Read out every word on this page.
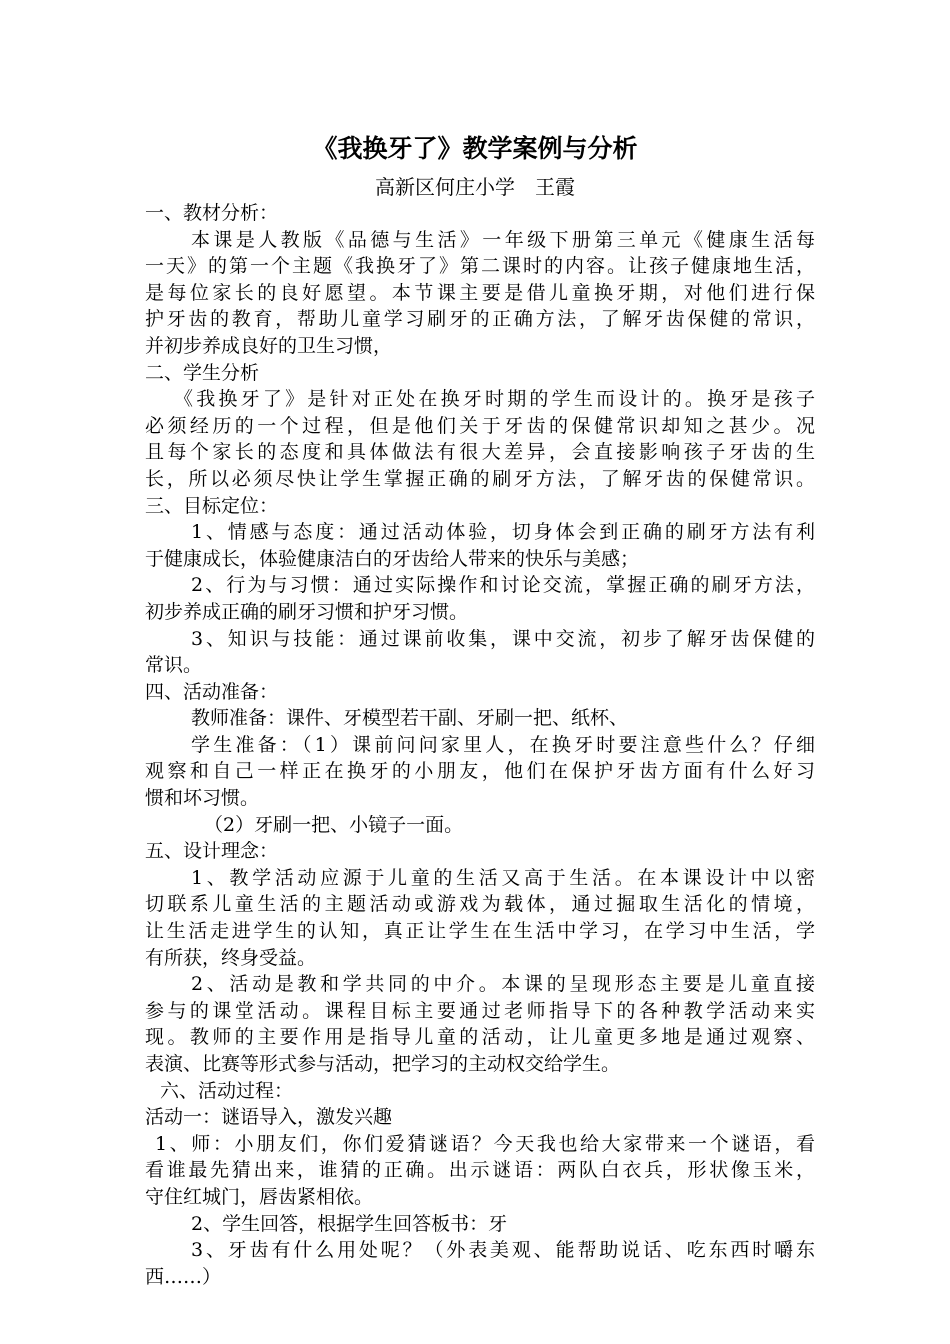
《我换牙了》教学案例与分析
高新区何庄小学　王霞
一、教材分析：
本课是人教版《品德与生活》一年级下册第三单元《健康生活每
一天》的第一个主题《我换牙了》第二课时的内容。让孩子健康地生活，
是每位家长的良好愿望。本节课主要是借儿童换牙期，对他们进行保
护牙齿的教育，帮助儿童学习刷牙的正确方法，了解牙齿保健的常识，
并初步养成良好的卫生习惯，
二、学生分析
《我换牙了》是针对正处在换牙时期的学生而设计的。换牙是孩子
必须经历的一个过程，但是他们关于牙齿的保健常识却知之甚少。况
且每个家长的态度和具体做法有很大差异，会直接影响孩子牙齿的生
长，所以必须尽快让学生掌握正确的刷牙方法，了解牙齿的保健常识。
三、目标定位：
1、情感与态度：通过活动体验，切身体会到正确的刷牙方法有利
于健康成长，体验健康洁白的牙齿给人带来的快乐与美感；
2、行为与习惯：通过实际操作和讨论交流，掌握正确的刷牙方法，
初步养成正确的刷牙习惯和护牙习惯。
3、知识与技能：通过课前收集，课中交流，初步了解牙齿保健的
常识。
四、活动准备：
教师准备：课件、牙模型若干副、牙刷一把、纸杯、
学生准备：（1）课前问问家里人，在换牙时要注意些什么？仔细
观察和自己一样正在换牙的小朋友，他们在保护牙齿方面有什么好习
惯和坏习惯。
（2）牙刷一把、小镜子一面。
五、设计理念：
1、教学活动应源于儿童的生活又高于生活。在本课设计中以密
切联系儿童生活的主题活动或游戏为载体，通过掘取生活化的情境，
让生活走进学生的认知，真正让学生在生活中学习，在学习中生活，学
有所获，终身受益。
2、活动是教和学共同的中介。本课的呈现形态主要是儿童直接
参与的课堂活动。课程目标主要通过老师指导下的各种教学活动来实
现。教师的主要作用是指导儿童的活动，让儿童更多地是通过观察、
表演、比赛等形式参与活动，把学习的主动权交给学生。
六、活动过程：
活动一：谜语导入，激发兴趣
1、师：小朋友们，你们爱猜谜语？今天我也给大家带来一个谜语，看
看谁最先猜出来，谁猜的正确。出示谜语：两队白衣兵，形状像玉米，
守住红城门，唇齿紧相依。
2、学生回答，根据学生回答板书：牙
3、牙齿有什么用处呢？（外表美观、能帮助说话、吃东西时嚼东
西……）
